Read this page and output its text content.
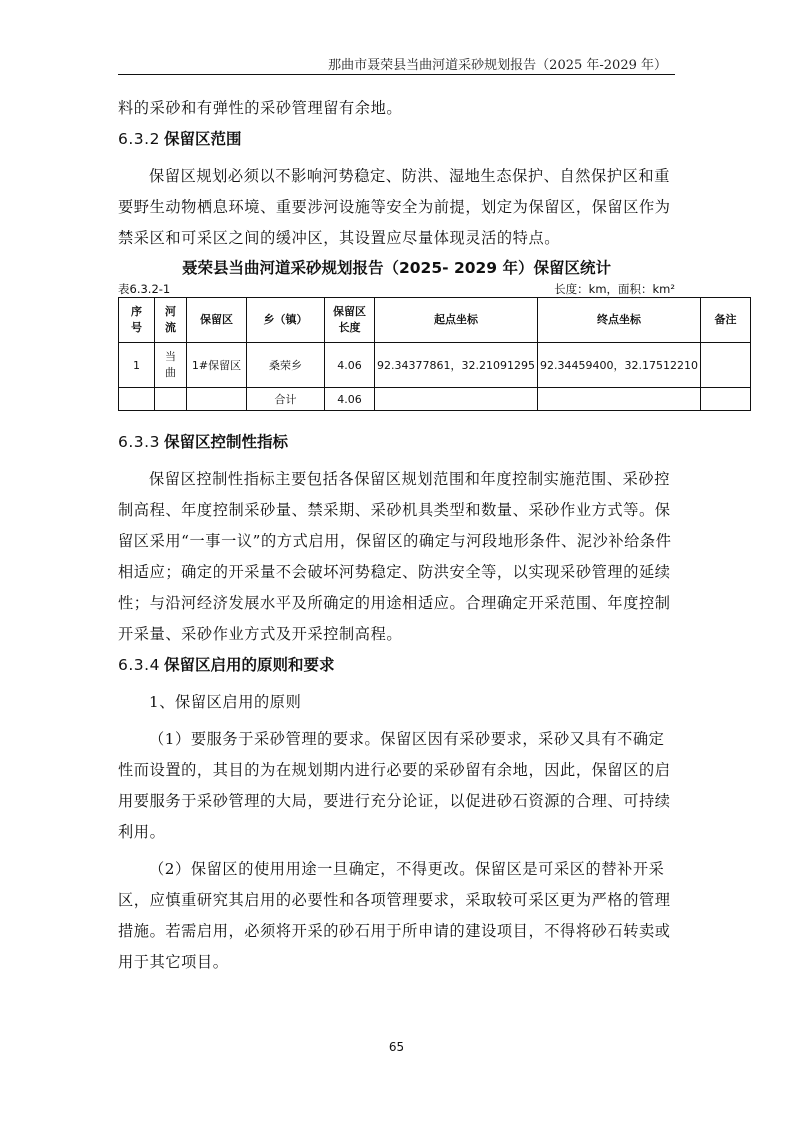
那曲市聂荣县当曲河道采砂规划报告（2025 年-2029 年）

料的采砂和有弹性的采砂管理留有余地。

6.3.2 保留区范围

保留区规划必须以不影响河势稳定、防洪、湿地生态保护、自然保护区和重要野生动物栖息环境、重要涉河设施等安全为前提，划定为保留区，保留区作为禁采区和可采区之间的缓冲区，其设置应尽量体现灵活的特点。

聂荣县当曲河道采砂规划报告（2025- 2029 年）保留区统计
表6.3.2-1	长度：km，面积：km²
序号	河流	保留区	乡（镇）	保留区长度	起点坐标	终点坐标	备注
1	当曲	1#保留区	桑荣乡	4.06	92.34377861，32.21091295	92.34459400，32.17512210	
			合计	4.06			
6.3.3 保留区控制性指标

保留区控制性指标主要包括各保留区规划范围和年度控制实施范围、采砂控制高程、年度控制采砂量、禁采期、采砂机具类型和数量、采砂作业方式等。保留区采用“一事一议”的方式启用，保留区的确定与河段地形条件、泥沙补给条件相适应；确定的开采量不会破坏河势稳定、防洪安全等，以实现采砂管理的延续性；与沿河经济发展水平及所确定的用途相适应。合理确定开采范围、年度控制开采量、采砂作业方式及开采控制高程。

6.3.4 保留区启用的原则和要求

1、保留区启用的原则

（1）要服务于采砂管理的要求。保留区因有采砂要求，采砂又具有不确定性而设置的，其目的为在规划期内进行必要的采砂留有余地，因此，保留区的启用要服务于采砂管理的大局，要进行充分论证，以促进砂石资源的合理、可持续利用。

（2）保留区的使用用途一旦确定，不得更改。保留区是可采区的替补开采区，应慎重研究其启用的必要性和各项管理要求，采取较可采区更为严格的管理措施。若需启用，必须将开采的砂石用于所申请的建设项目，不得将砂石转卖或用于其它项目。

65
